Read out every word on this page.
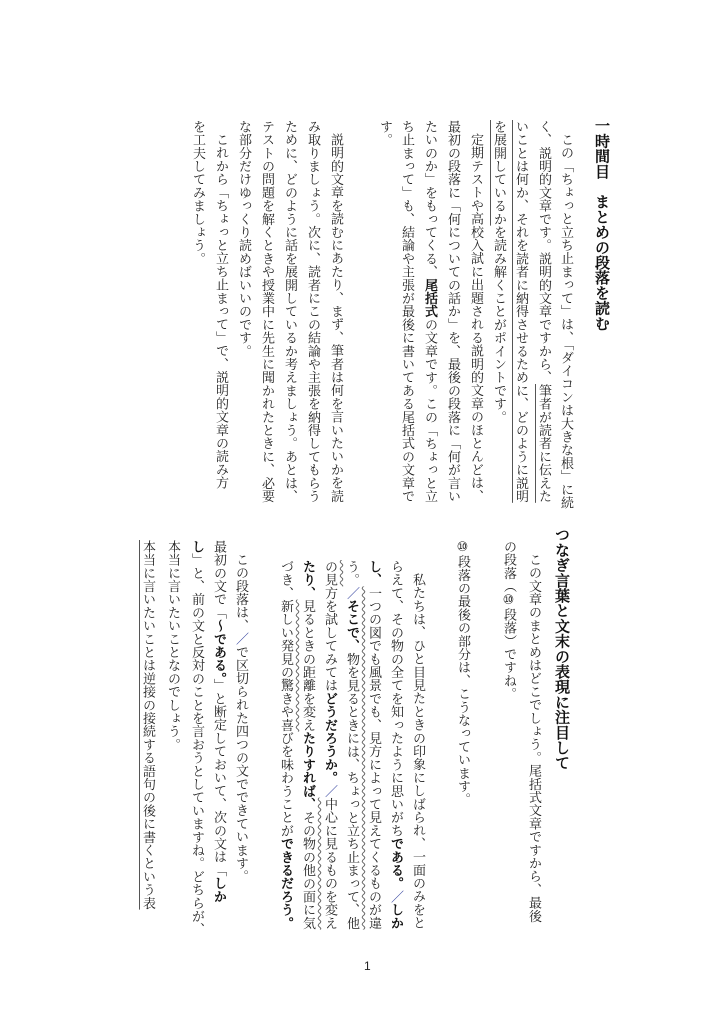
一時間目　まとめの段落を読む
この「ちょっと立ち止まって」は、「ダイコンは大きな根」に続
く、説明的文章です。説明的文章ですから、筆者が読者に伝えた
いことは何か、それを読者に納得させるために、どのように説明
を展開しているかを読み解くことがポイントです。
定期テストや高校入試に出題される説明的文章のほとんどは、
最初の段落に「何についての話か」を、最後の段落に「何が言い
たいのか」をもってくる、尾括式の文章です。この「ちょっと立
ち止まって」も、結論や主張が最後に書いてある尾括式の文章で
す。
説明的文章を読むにあたり、まず、筆者は何を言いたいかを読
み取りましょう。次に、読者にこの結論や主張を納得してもらう
ために、どのように話を展開しているか考えましょう。あとは、
テストの問題を解くときや授業中に先生に聞かれたときに、必要
な部分だけゆっくり読めばいいのです。
これから「ちょっと立ち止まって」で、説明的文章の読み方
を工夫してみましょう。
つなぎ言葉と文末の表現に注目して
この文章のまとめはどこでしょう。尾括式文章ですから、最後
の段落（⑩段落）ですね。
⑩段落の最後の部分は、こうなっています。
私たちは、ひと目見たときの印象にしばられ、一面のみをと
らえて、その物の全てを知ったように思いがちである。／しか
し、一つの図でも風景でも、見方によって見えてくるものが違
う。／そこで、物を見るときには、ちょっと立ち止まって、他
の見方を試してみてはどうだろうか。／中心に見るものを変え
たり、見るときの距離を変えたりすれば、その物の他の面に気
づき、新しい発見の驚きや喜びを味わうことができるだろう。
この段落は、／で区切られた四つの文でできています。
最初の文で「～である。」と断定しておいて、次の文は「しか
し」と、前の文と反対のことを言おうとしていますね。どちらが、
本当に言いたいことなのでしょう。
本当に言いたいことは逆接の接続する語句の後に書くという表
1
